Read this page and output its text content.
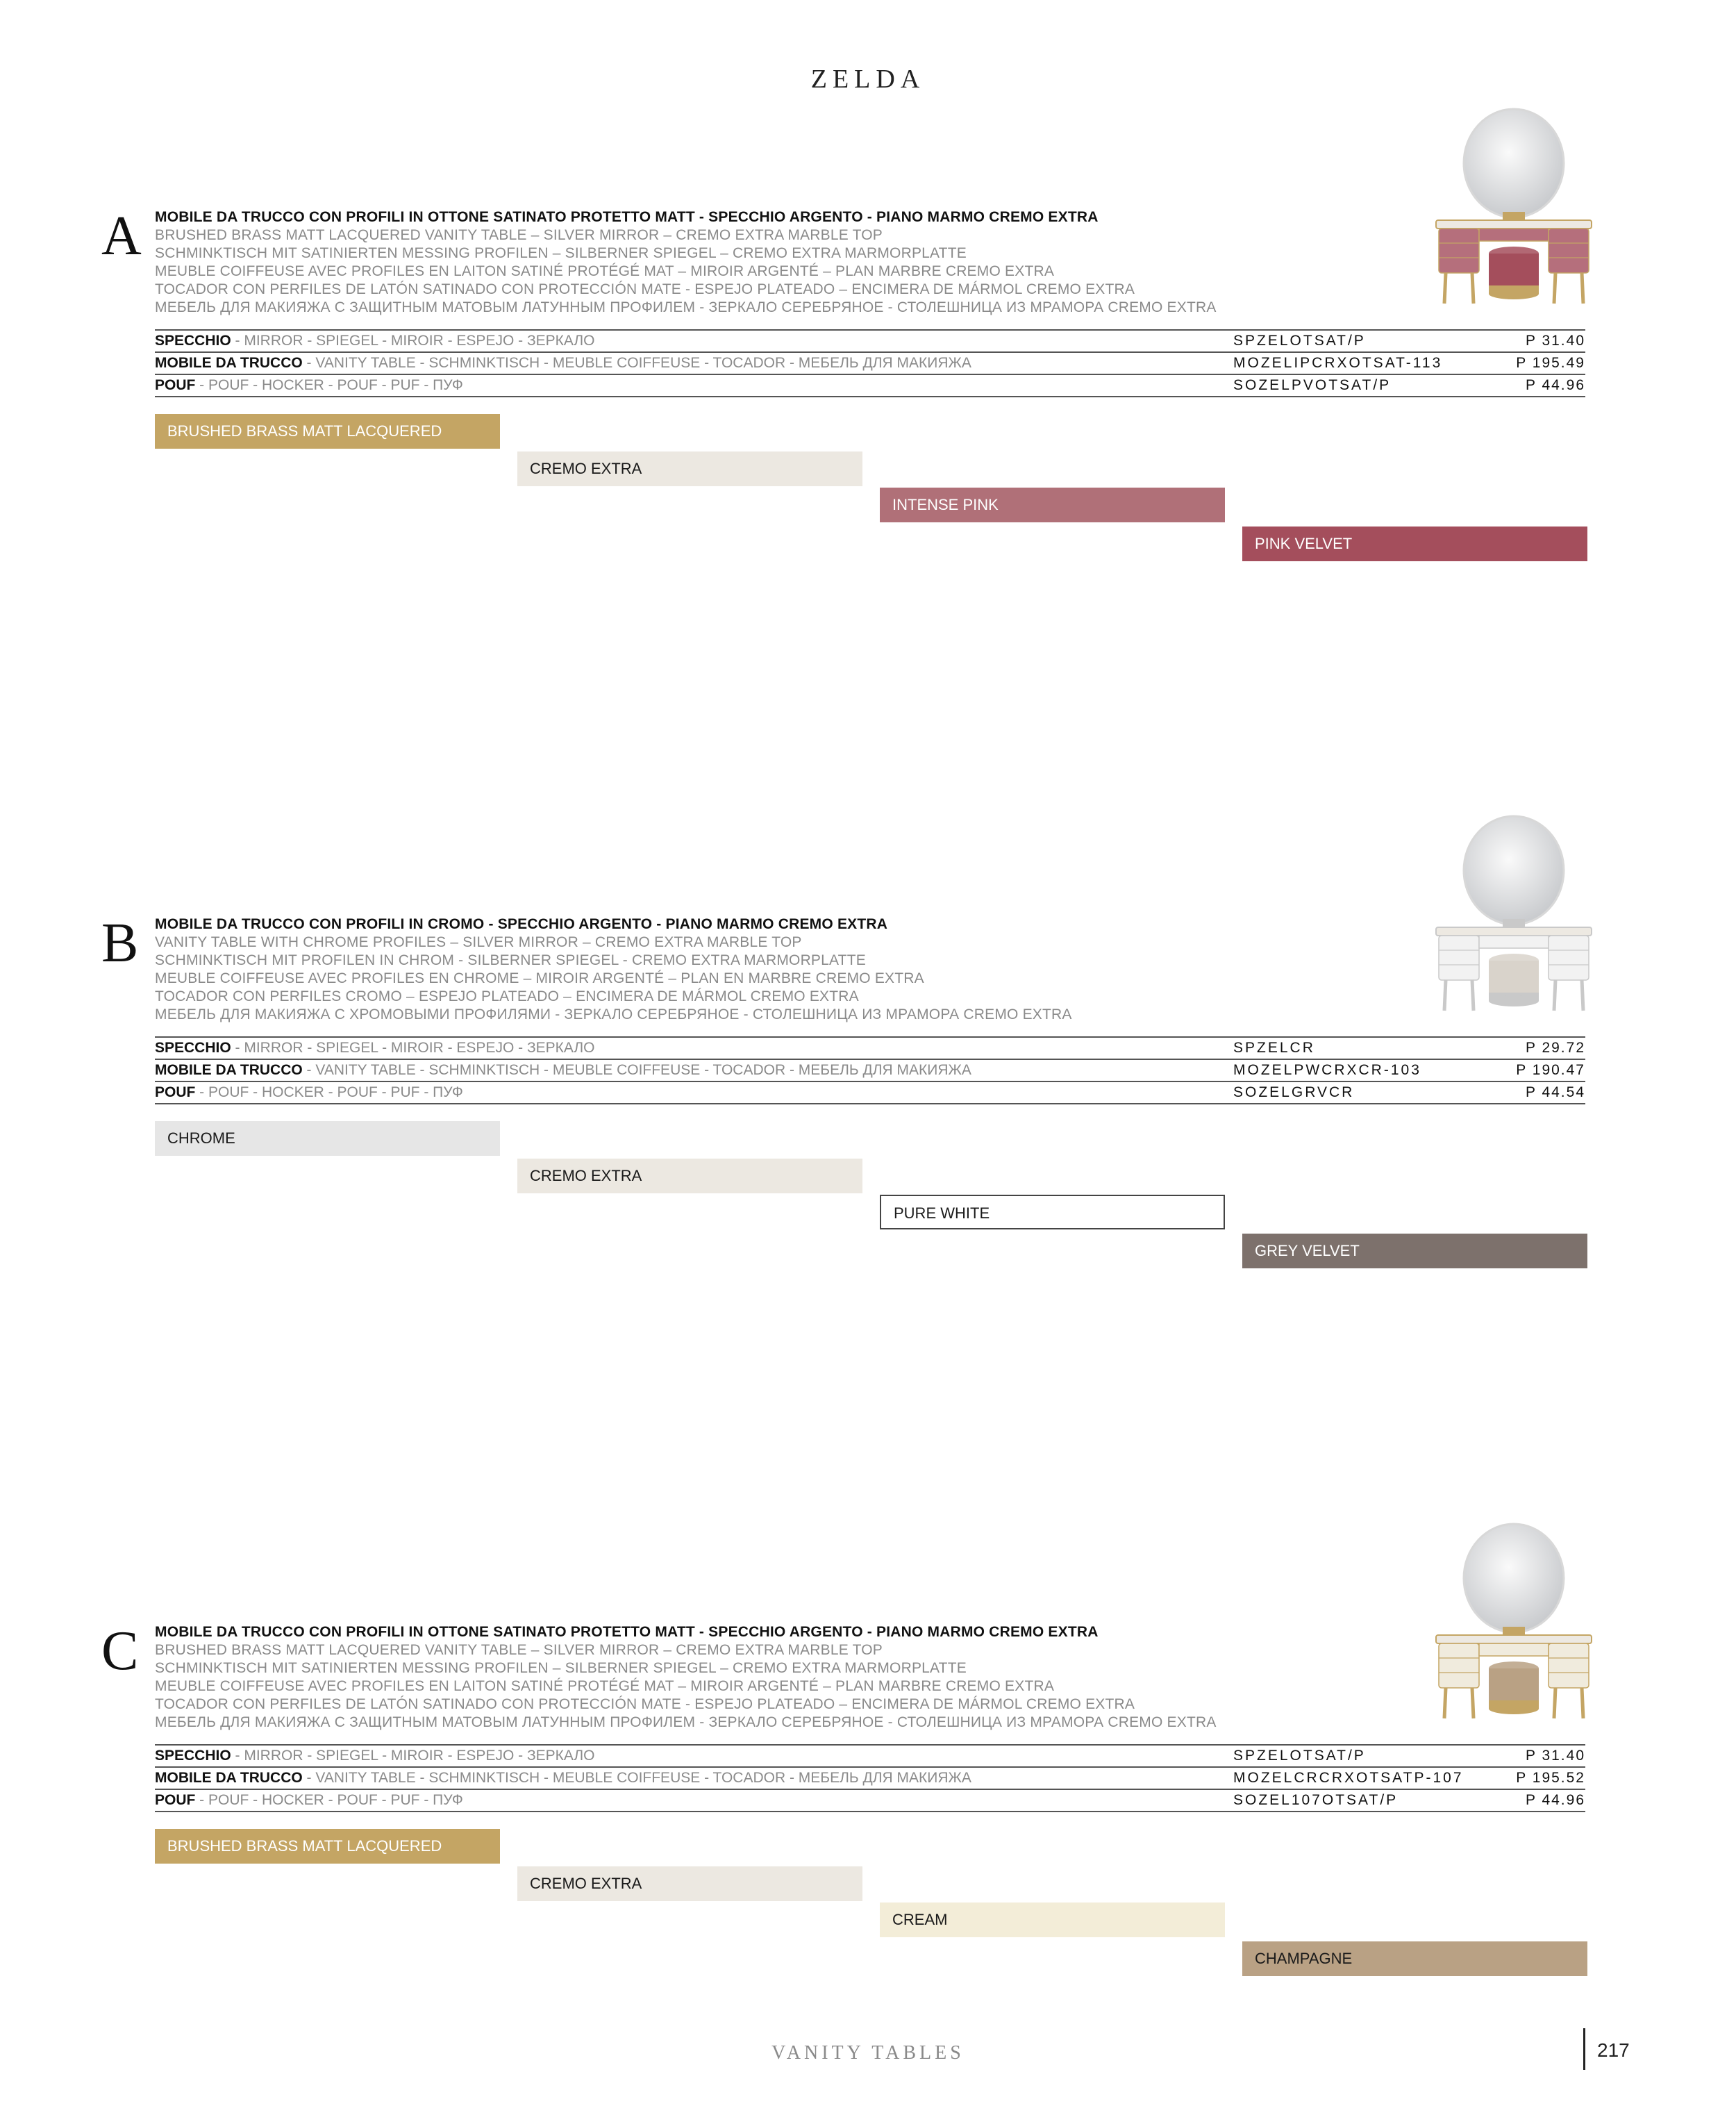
ZELDA
A MOBILE DA TRUCCO CON PROFILI IN OTTONE SATINATO PROTETTO MATT - SPECCHIO ARGENTO - PIANO MARMO CREMO EXTRA
BRUSHED BRASS MATT LACQUERED VANITY TABLE – SILVER MIRROR – CREMO EXTRA MARBLE TOP
SCHMINKTISCH MIT SATINIERTEN MESSING PROFILEN – SILBERNER SPIEGEL – CREMO EXTRA MARMORPLATTE
MEUBLE COIFFEUSE AVEC PROFILES EN LAITON SATINÉ PROTÉGÉ MAT – MIROIR ARGENTÉ – PLAN MARBRE CREMO EXTRA
TOCADOR CON PERFILES DE LATÓN SATINADO CON PROTECCIÓN MATE - ESPEJO PLATEADO – ENCIMERA DE MÁRMOL CREMO EXTRA
МЕБЕЛЬ ДЛЯ МАКИЯЖА С ЗАЩИТНЫМ МАТОВЫМ ЛАТУННЫМ ПРОФИЛЕМ - ЗЕРКАЛО СЕРЕБРЯНОЕ - СТОЛЕШНИЦА ИЗ МРАМОРА CREMO EXTRA
SPECCHIO - MIRROR - SPIEGEL - MIROIR - ESPEJO - ЗЕРКАЛО	SPZELOTSAT/P	P 31.40
MOBILE DA TRUCCO - VANITY TABLE - SCHMINKTISCH - MEUBLE COIFFEUSE - TOCADOR - МЕБЕЛЬ ДЛЯ МАКИЯЖА	MOZELIPCRXOTSAT-113	P 195.49
POUF - POUF - HOCKER - POUF - PUF - ПУФ	SOZELPVOTSAT/P	P 44.96
BRUSHED BRASS MATT LACQUERED
CREMO EXTRA
INTENSE PINK
PINK VELVET
B MOBILE DA TRUCCO CON PROFILI IN CROMO - SPECCHIO ARGENTO - PIANO MARMO CREMO EXTRA
VANITY TABLE WITH CHROME PROFILES – SILVER MIRROR – CREMO EXTRA MARBLE TOP
SCHMINKTISCH MIT PROFILEN IN CHROM - SILBERNER SPIEGEL - CREMO EXTRA MARMORPLATTE
MEUBLE COIFFEUSE AVEC PROFILES EN CHROME – MIROIR ARGENTÉ – PLAN EN MARBRE CREMO EXTRA
TOCADOR CON PERFILES CROMO – ESPEJO PLATEADO – ENCIMERA DE MÁRMOL CREMO EXTRA
МЕБЕЛЬ ДЛЯ МАКИЯЖА С ХРОМОВЫМИ ПРОФИЛЯМИ - ЗЕРКАЛО СЕРЕБРЯНОЕ - СТОЛЕШНИЦА ИЗ МРАМОРА CREMO EXTRA
SPECCHIO - MIRROR - SPIEGEL - MIROIR - ESPEJO - ЗЕРКАЛО	SPZELCR	P 29.72
MOBILE DA TRUCCO - VANITY TABLE - SCHMINKTISCH - MEUBLE COIFFEUSE - TOCADOR - МЕБЕЛЬ ДЛЯ МАКИЯЖА	MOZELPWCRXCR-103	P 190.47
POUF - POUF - HOCKER - POUF - PUF - ПУФ	SOZELGRVCR	P 44.54
CHROME
CREMO EXTRA
PURE WHITE
GREY VELVET
C MOBILE DA TRUCCO CON PROFILI IN OTTONE SATINATO PROTETTO MATT - SPECCHIO ARGENTO - PIANO MARMO CREMO EXTRA
BRUSHED BRASS MATT LACQUERED VANITY TABLE – SILVER MIRROR – CREMO EXTRA MARBLE TOP
SCHMINKTISCH MIT SATINIERTEN MESSING PROFILEN – SILBERNER SPIEGEL – CREMO EXTRA MARMORPLATTE
MEUBLE COIFFEUSE AVEC PROFILES EN LAITON SATINÉ PROTÉGÉ MAT – MIROIR ARGENTÉ – PLAN MARBRE CREMO EXTRA
TOCADOR CON PERFILES DE LATÓN SATINADO CON PROTECCIÓN MATE - ESPEJO PLATEADO – ENCIMERA DE MÁRMOL CREMO EXTRA
МЕБЕЛЬ ДЛЯ МАКИЯЖА С ЗАЩИТНЫМ МАТОВЫМ ЛАТУННЫМ ПРОФИЛЕМ - ЗЕРКАЛО СЕРЕБРЯНОЕ - СТОЛЕШНИЦА ИЗ МРАМОРА CREMO EXTRA
SPECCHIO - MIRROR - SPIEGEL - MIROIR - ESPEJO - ЗЕРКАЛО	SPZELOTSAT/P	P 31.40
MOBILE DA TRUCCO - VANITY TABLE - SCHMINKTISCH - MEUBLE COIFFEUSE - TOCADOR - МЕБЕЛЬ ДЛЯ МАКИЯЖА	MOZELCRCRXOTSATP-107	P 195.52
POUF - POUF - HOCKER - POUF - PUF - ПУФ	SOZEL107OTSAT/P	P 44.96
BRUSHED BRASS MATT LACQUERED
CREMO EXTRA
CREAM
CHAMPAGNE
VANITY TABLES	217
